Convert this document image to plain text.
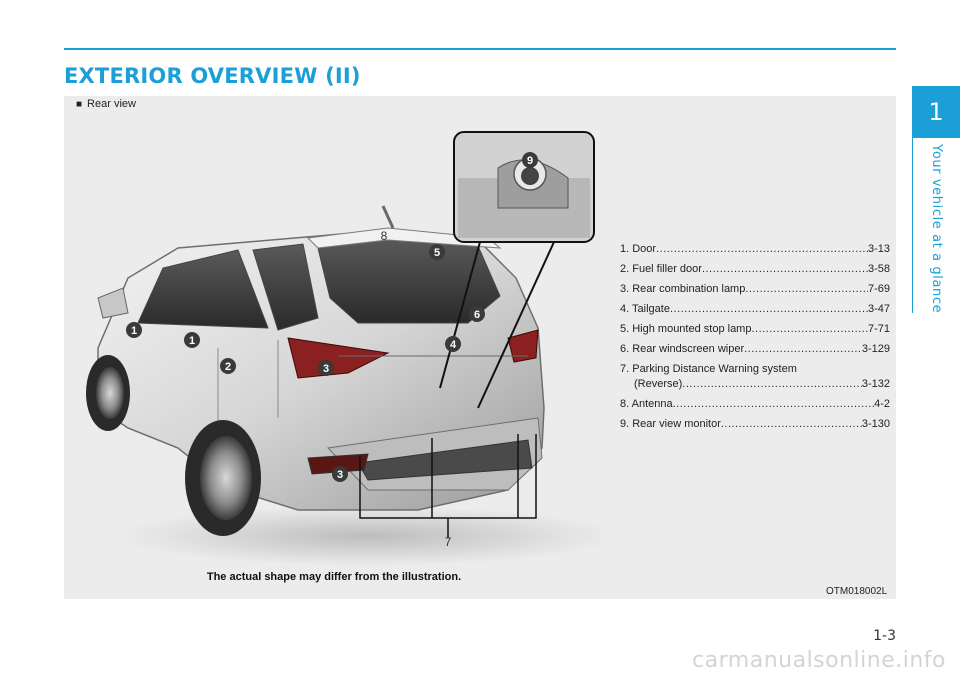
EXTERIOR OVERVIEW (II)
1
Your vehicle at a glance
■ Rear view
1
1
2	3
3
4
5
6
7
8
9
The actual shape may differ from the illustration.
OTM018002L
1. Door .....	3-13
2. Fuel filler door .....	3-58
3. Rear combination lamp .....	7-69
4. Tailgate .....	3-47
5. High mounted stop lamp .....	7-71
6. Rear windscreen wiper .....	3-129
7. Parking Distance Warning system
(Reverse) .....	3-132
8. Antenna .....	4-2
9. Rear view monitor .....	3-130
1-3
carmanualsonline.info
